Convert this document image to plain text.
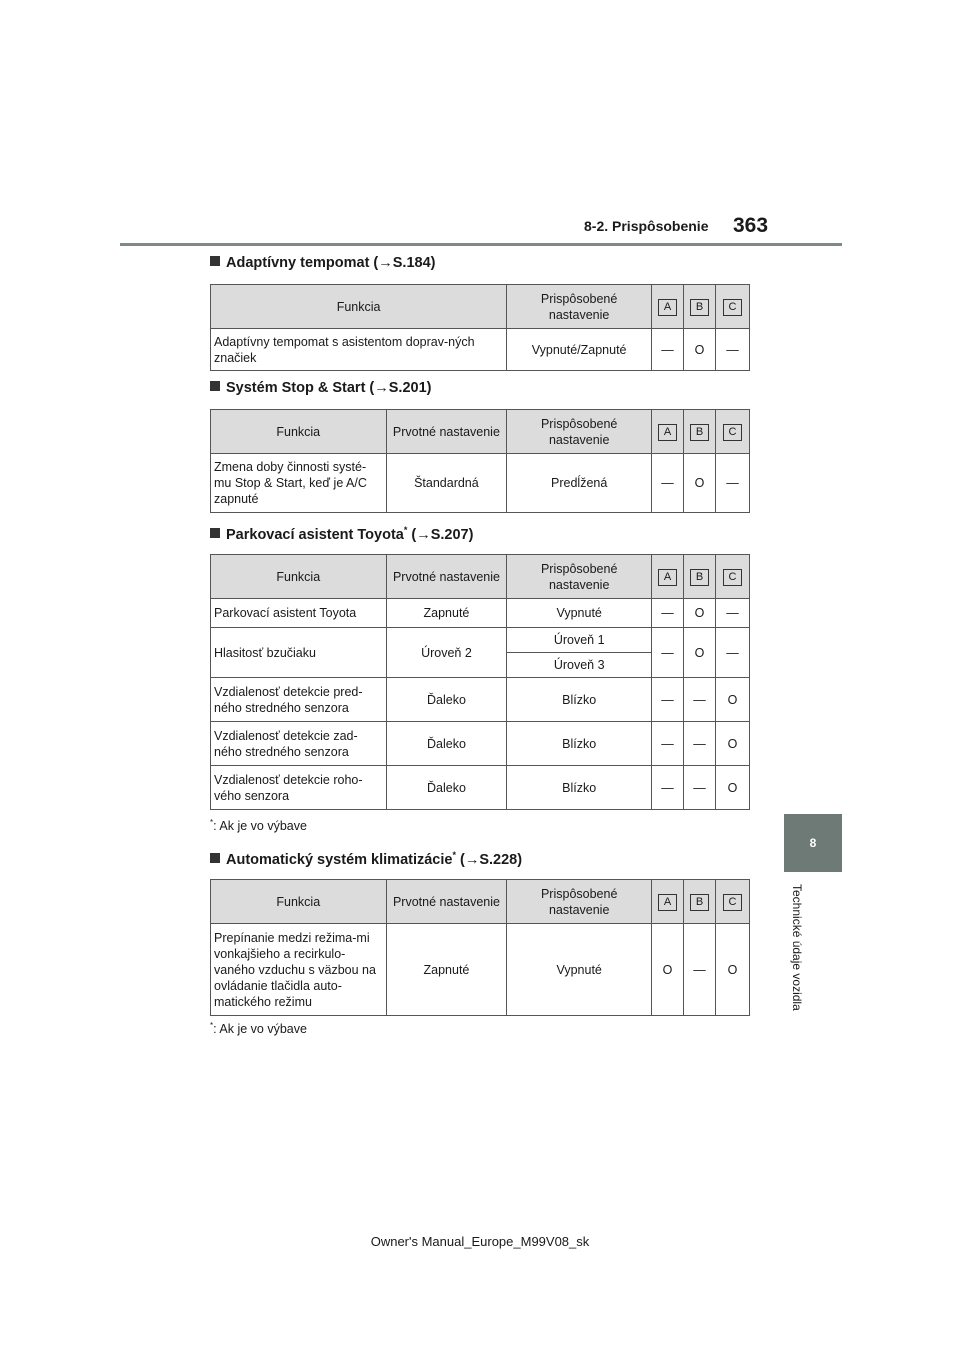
8-2. Prispôsobenie 363
8
Technické údaje vozidla
Adaptívny tempomat (→S.184)
Funkcia	Prispôsobené nastavenie	A	B	C
Adaptívny tempomat s asistentom doprav-ných značiek	Vypnuté/Zapnuté	—	O	—
Systém Stop & Start (→S.201)
Funkcia	Prvotné nastavenie	Prispôsobené nastavenie	A	B	C
Zmena doby činnosti systé-mu Stop & Start, keď je A/C zapnuté	Štandardná	Predĺžená	—	O	—
Parkovací asistent Toyota* (→S.207)
Funkcia	Prvotné nastavenie	Prispôsobené nastavenie	A	B	C
Parkovací asistent Toyota	Zapnuté	Vypnuté	—	O	—
Hlasitosť bzučiaku	Úroveň 2	Úroveň 1	—	O	—
		Úroveň 3			
Vzdialenosť detekcie pred-ného stredného senzora	Ďaleko	Blízko	—	—	O
Vzdialenosť detekcie zad-ného stredného senzora	Ďaleko	Blízko	—	—	O
Vzdialenosť detekcie roho-vého senzora	Ďaleko	Blízko	—	—	O
*: Ak je vo výbave
Automatický systém klimatizácie* (→S.228)
Funkcia	Prvotné nastavenie	Prispôsobené nastavenie	A	B	C
Prepínanie medzi režima-mi vonkajšieho a recirkulo-vaného vzduchu s väzbou na ovládanie tlačidla auto-matického režimu	Zapnuté	Vypnuté	O	—	O
*: Ak je vo výbave
Owner's Manual_Europe_M99V08_sk
